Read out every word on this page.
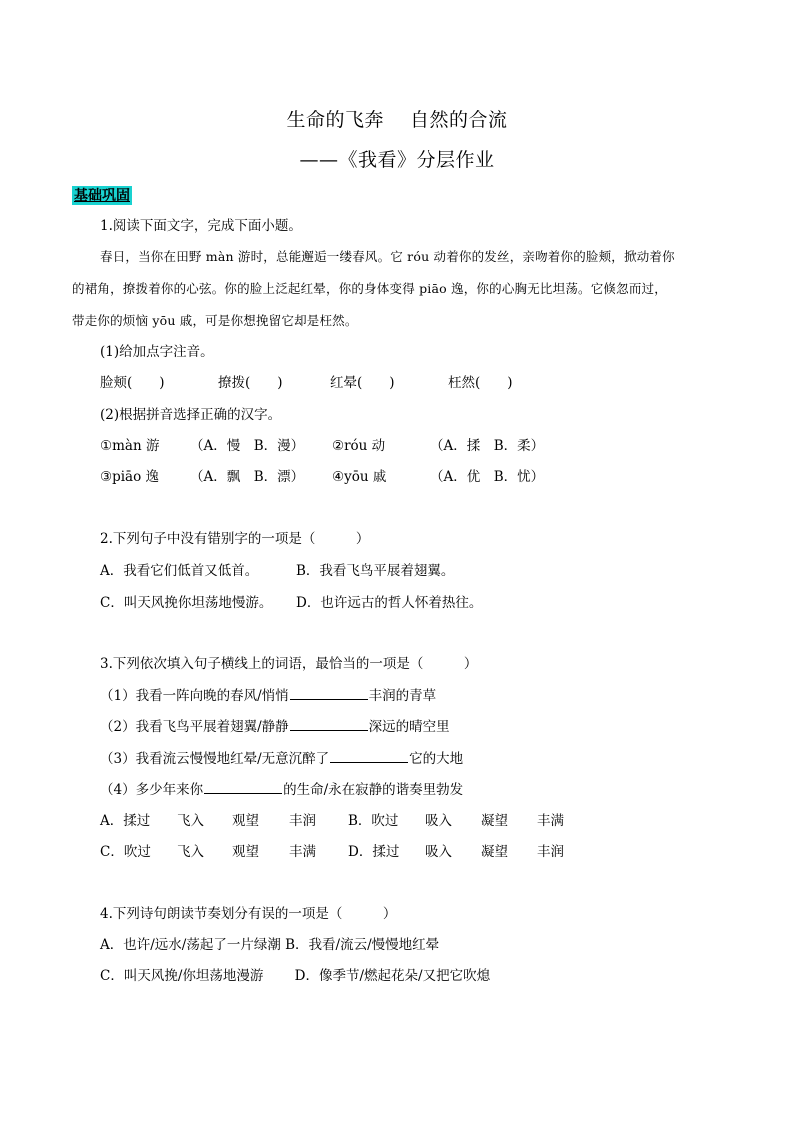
生命的飞奔　 自然的合流
——《我看》分层作业
基础巩固
1.阅读下面文字，完成下面小题。
春日，当你在田野 màn 游时，总能邂逅一缕春风。它 róu 动着你的发丝，亲吻着你的脸颊，掀动着你
的裙角，撩拨着你的心弦。你的脸上泛起红晕，你的身体变得 piāo 逸，你的心胸无比坦荡。它倏忽而过，
带走你的烦恼 yōu 戚，可是你想挽留它却是枉然。
(1)给加点字注音。
脸颊(　　)	撩拨(　　)	红晕(　　)	枉然(　　)
(2)根据拼音选择正确的汉字。
①màn 游 （A．慢　B．漫） ②róu 动	（A．揉　B．柔）
③piāo 逸 （A．飘　B．漂） ④yōu 戚	（A．优　B．忧）
2.下列句子中没有错别字的一项是（　　　）
A．我看它们低首又低首。	B．我看飞鸟平展着翅翼。
C．叫天风挽你坦荡地慢游。 D．也许远古的哲人怀着热往。
3.下列依次填入句子横线上的词语，最恰当的一项是（　　　）
（1）我看一阵向晚的春风/悄悄	丰润的青草
（2）我看飞鸟平展着翅翼/静静	深远的晴空里
（3）我看流云慢慢地红晕/无意沉醉了	它的大地
（4）多少年来你	的生命/永在寂静的谐奏里勃发
A．揉过 飞入 观望 丰润 B．吹过 吸入 凝望 丰满
C．吹过 飞入 观望 丰满 D．揉过 吸入 凝望 丰润
4.下列诗句朗读节奏划分有误的一项是（　　　）
A．也许/远水/荡起了一片绿潮 B．我看/流云/慢慢地红晕
C．叫天风挽/你坦荡地漫游　　 D．像季节/燃起花朵/又把它吹熄
